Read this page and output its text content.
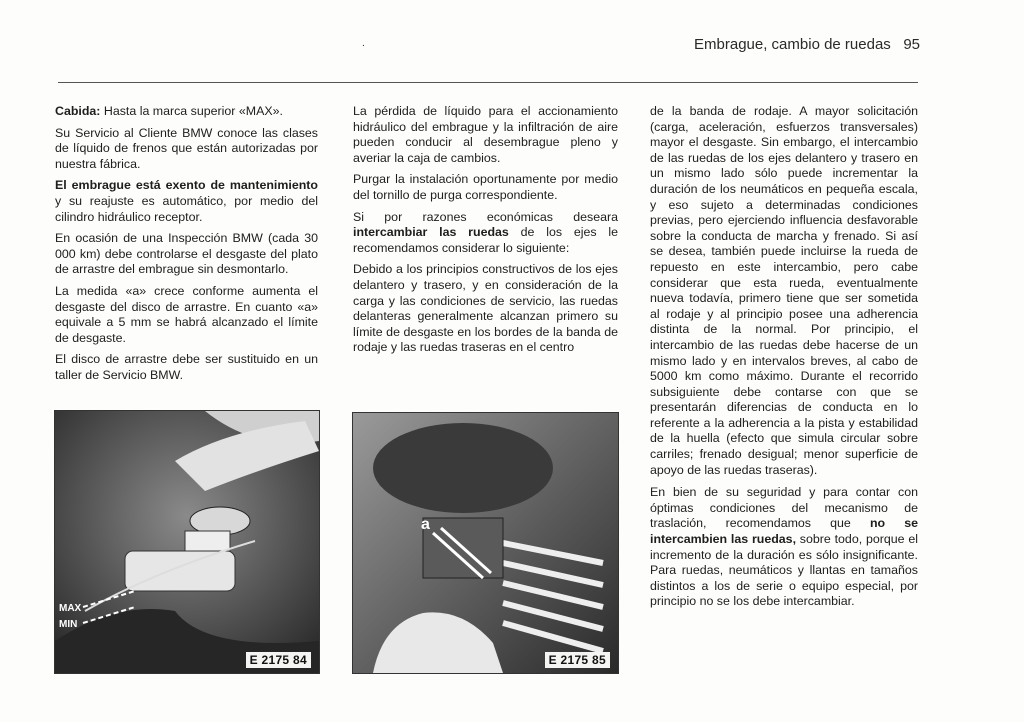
.	Embrague, cambio de ruedas 95

Cabida: Hasta la marca superior «MAX».

Su Servicio al Cliente BMW conoce las clases de líquido de frenos que están autorizadas por nuestra fábrica.

El embrague está exento de mantenimiento y su reajuste es automático, por medio del cilindro hidráulico receptor.

En ocasión de una Inspección BMW (cada 30 000 km) debe controlarse el desgaste del plato de arrastre del embrague sin desmontarlo.

La medida «a» crece conforme aumenta el desgaste del disco de arrastre. En cuanto «a» equivale a 5 mm se habrá alcanzado el límite de desgaste.

El disco de arrastre debe ser sustituido en un taller de Servicio BMW.

La pérdida de líquido para el accionamiento hidráulico del embrague y la infiltración de aire pueden conducir al desembrague pleno y averiar la caja de cambios.

Purgar la instalación oportunamente por medio del tornillo de purga correspondiente.

Si por razones económicas deseara intercambiar las ruedas de los ejes le recomendamos considerar lo siguiente:

Debido a los principios constructivos de los ejes delantero y trasero, y en consideración de la carga y las condiciones de servicio, las ruedas delanteras generalmente alcanzan primero su límite de desgaste en los bordes de la banda de rodaje y las ruedas traseras en el centro

de la banda de rodaje. A mayor solicitación (carga, aceleración, esfuerzos transversales) mayor el desgaste. Sin embargo, el intercambio de las ruedas de los ejes delantero y trasero en un mismo lado sólo puede incrementar la duración de los neumáticos en pequeña escala, y eso sujeto a determinadas condiciones previas, pero ejerciendo influencia desfavorable sobre la conducta de marcha y frenado. Si así se desea, también puede incluirse la rueda de repuesto en este intercambio, pero cabe considerar que esta rueda, eventualmente nueva todavía, primero tiene que ser sometida al rodaje y al principio posee una adherencia distinta de la normal. Por principio, el intercambio de las ruedas debe hacerse de un mismo lado y en intervalos breves, al cabo de 5000 km como máximo. Durante el recorrido subsiguiente debe contarse con que se presentarán diferencias de conducta en lo referente a la adherencia a la pista y estabilidad de la huella (efecto que simula circular sobre carriles; frenado desigual; menor superficie de apoyo de las ruedas traseras).

En bien de su seguridad y para contar con óptimas condiciones del mecanismo de traslación, recomendamos que no se intercambien las ruedas, sobre todo, porque el incremento de la duración es sólo insignificante. Para ruedas, neumáticos y llantas en tamaños distintos a los de serie o equipo especial, por principio no se los debe intercambiar.

MAX
MIN
E 2175 84
a
E 2175 85
